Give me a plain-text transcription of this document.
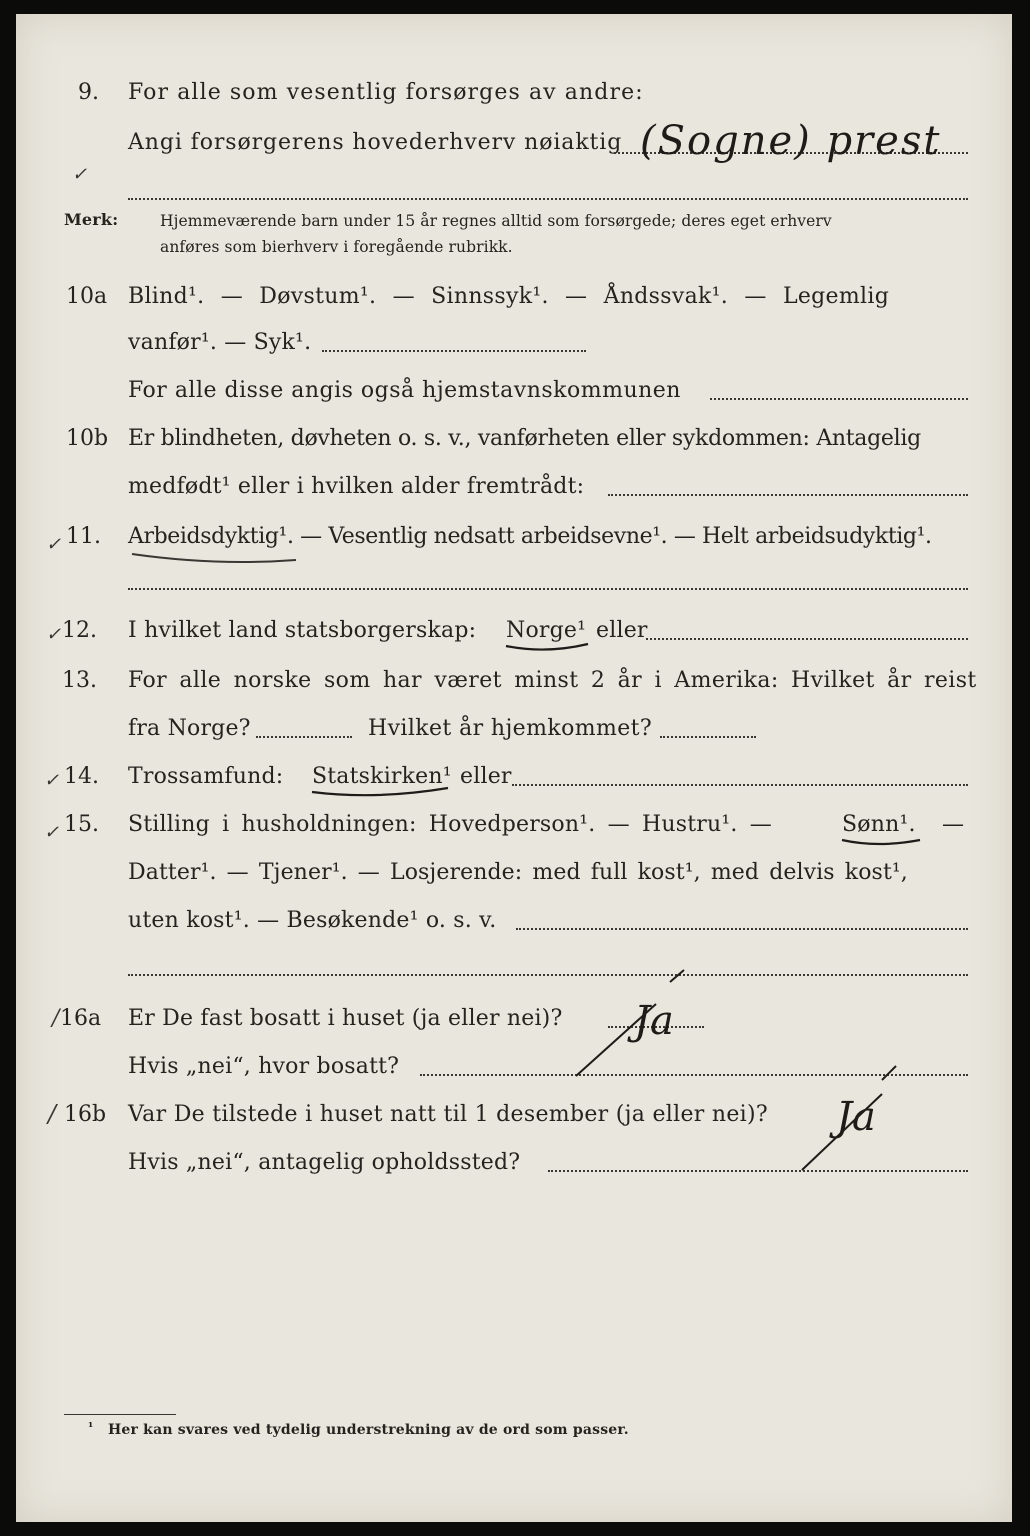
9. For alle som vesentlig forsørges av andre:
Angi forsørgerens hovederhverv nøiaktig (Sogne) prest
✓
Merk:	Hjemmeværende barn under 15 år regnes alltid som forsørgede; deres eget erhverv
anføres som bierhverv i foregående rubrikk.
10a Blind¹. — Døvstum¹. — Sinnssyk¹. — Åndssvak¹. — Legemlig
vanfør¹. — Syk¹.
For alle disse angis også hjemstavnskommunen
10b Er blindheten, døvheten o. s. v., vanførheten eller sykdommen: Antagelig
medfødt¹ eller i hvilken alder fremtrådt:
✓ 11. Arbeidsdyktig¹. — Vesentlig nedsatt arbeidsevne¹. — Helt arbeidsudyktig¹.
✓ 12. I hvilket land statsborgerskap: Norge¹ eller
13. For alle norske som har været minst 2 år i Amerika: Hvilket år reist
fra Norge?	Hvilket år hjemkommet?
✓ 14. Trossamfund: Statskirken¹ eller
✓ 15. Stilling i husholdningen: Hovedperson¹. — Hustru¹. —	Sønn¹. —
Datter¹. — Tjener¹. — Losjerende: med full kost¹, med delvis kost¹,
uten kost¹. — Besøkende¹ o. s. v.
/ 16a Er De fast bosatt i huset (ja eller nei)? Ja
Hvis „nei“, hvor bosatt?
/ 16b Var De tilstede i huset natt til 1 desember (ja eller nei)? Ja
Hvis „nei“, antagelig opholdssted?
¹ Her kan svares ved tydelig understrekning av de ord som passer.
